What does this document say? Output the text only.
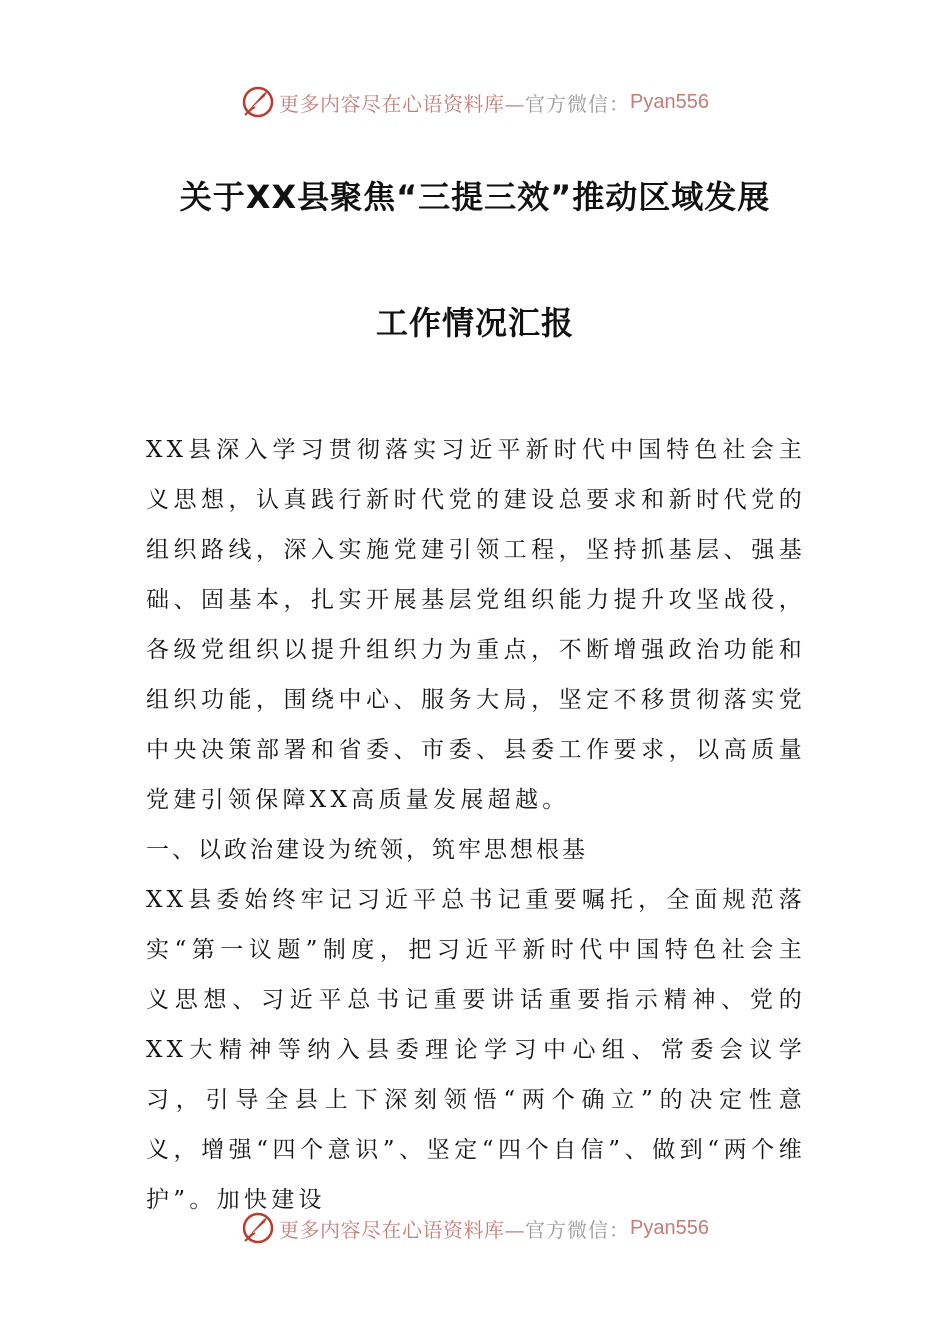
更多内容尽在心语资料库— 官方微信： Pyan556
关于XX县聚焦“三提三效”推动区域发展
工作情况汇报

XX县深入学习贯彻落实习近平新时代中国特色社会主义思想，认真践行新时代党的建设总要求和新时代党的组织路线，深入实施党建引领工程，坚持抓基层、强基础、固基本，扎实开展基层党组织能力提升攻坚战役，各级党组织以提升组织力为重点，不断增强政治功能和组织功能，围绕中心、服务大局，坚定不移贯彻落实党中央决策部署和省委、市委、县委工作要求，以高质量党建引领保障XX高质量发展超越。

一、以政治建设为统领，筑牢思想根基

XX县委始终牢记习近平总书记重要嘱托，全面规范落实“第一议题”制度，把习近平新时代中国特色社会主义思想、习近平总书记重要讲话重要指示精神、党的XX大精神等纳入县委理论学习中心组、常委会议学习，引导全县上下深刻领悟“两个确立”的决定性意义，增强“四个意识”、坚定“四个自信”、做到“两个维护”。加快建设

更多内容尽在心语资料库— 官方微信： Pyan556
